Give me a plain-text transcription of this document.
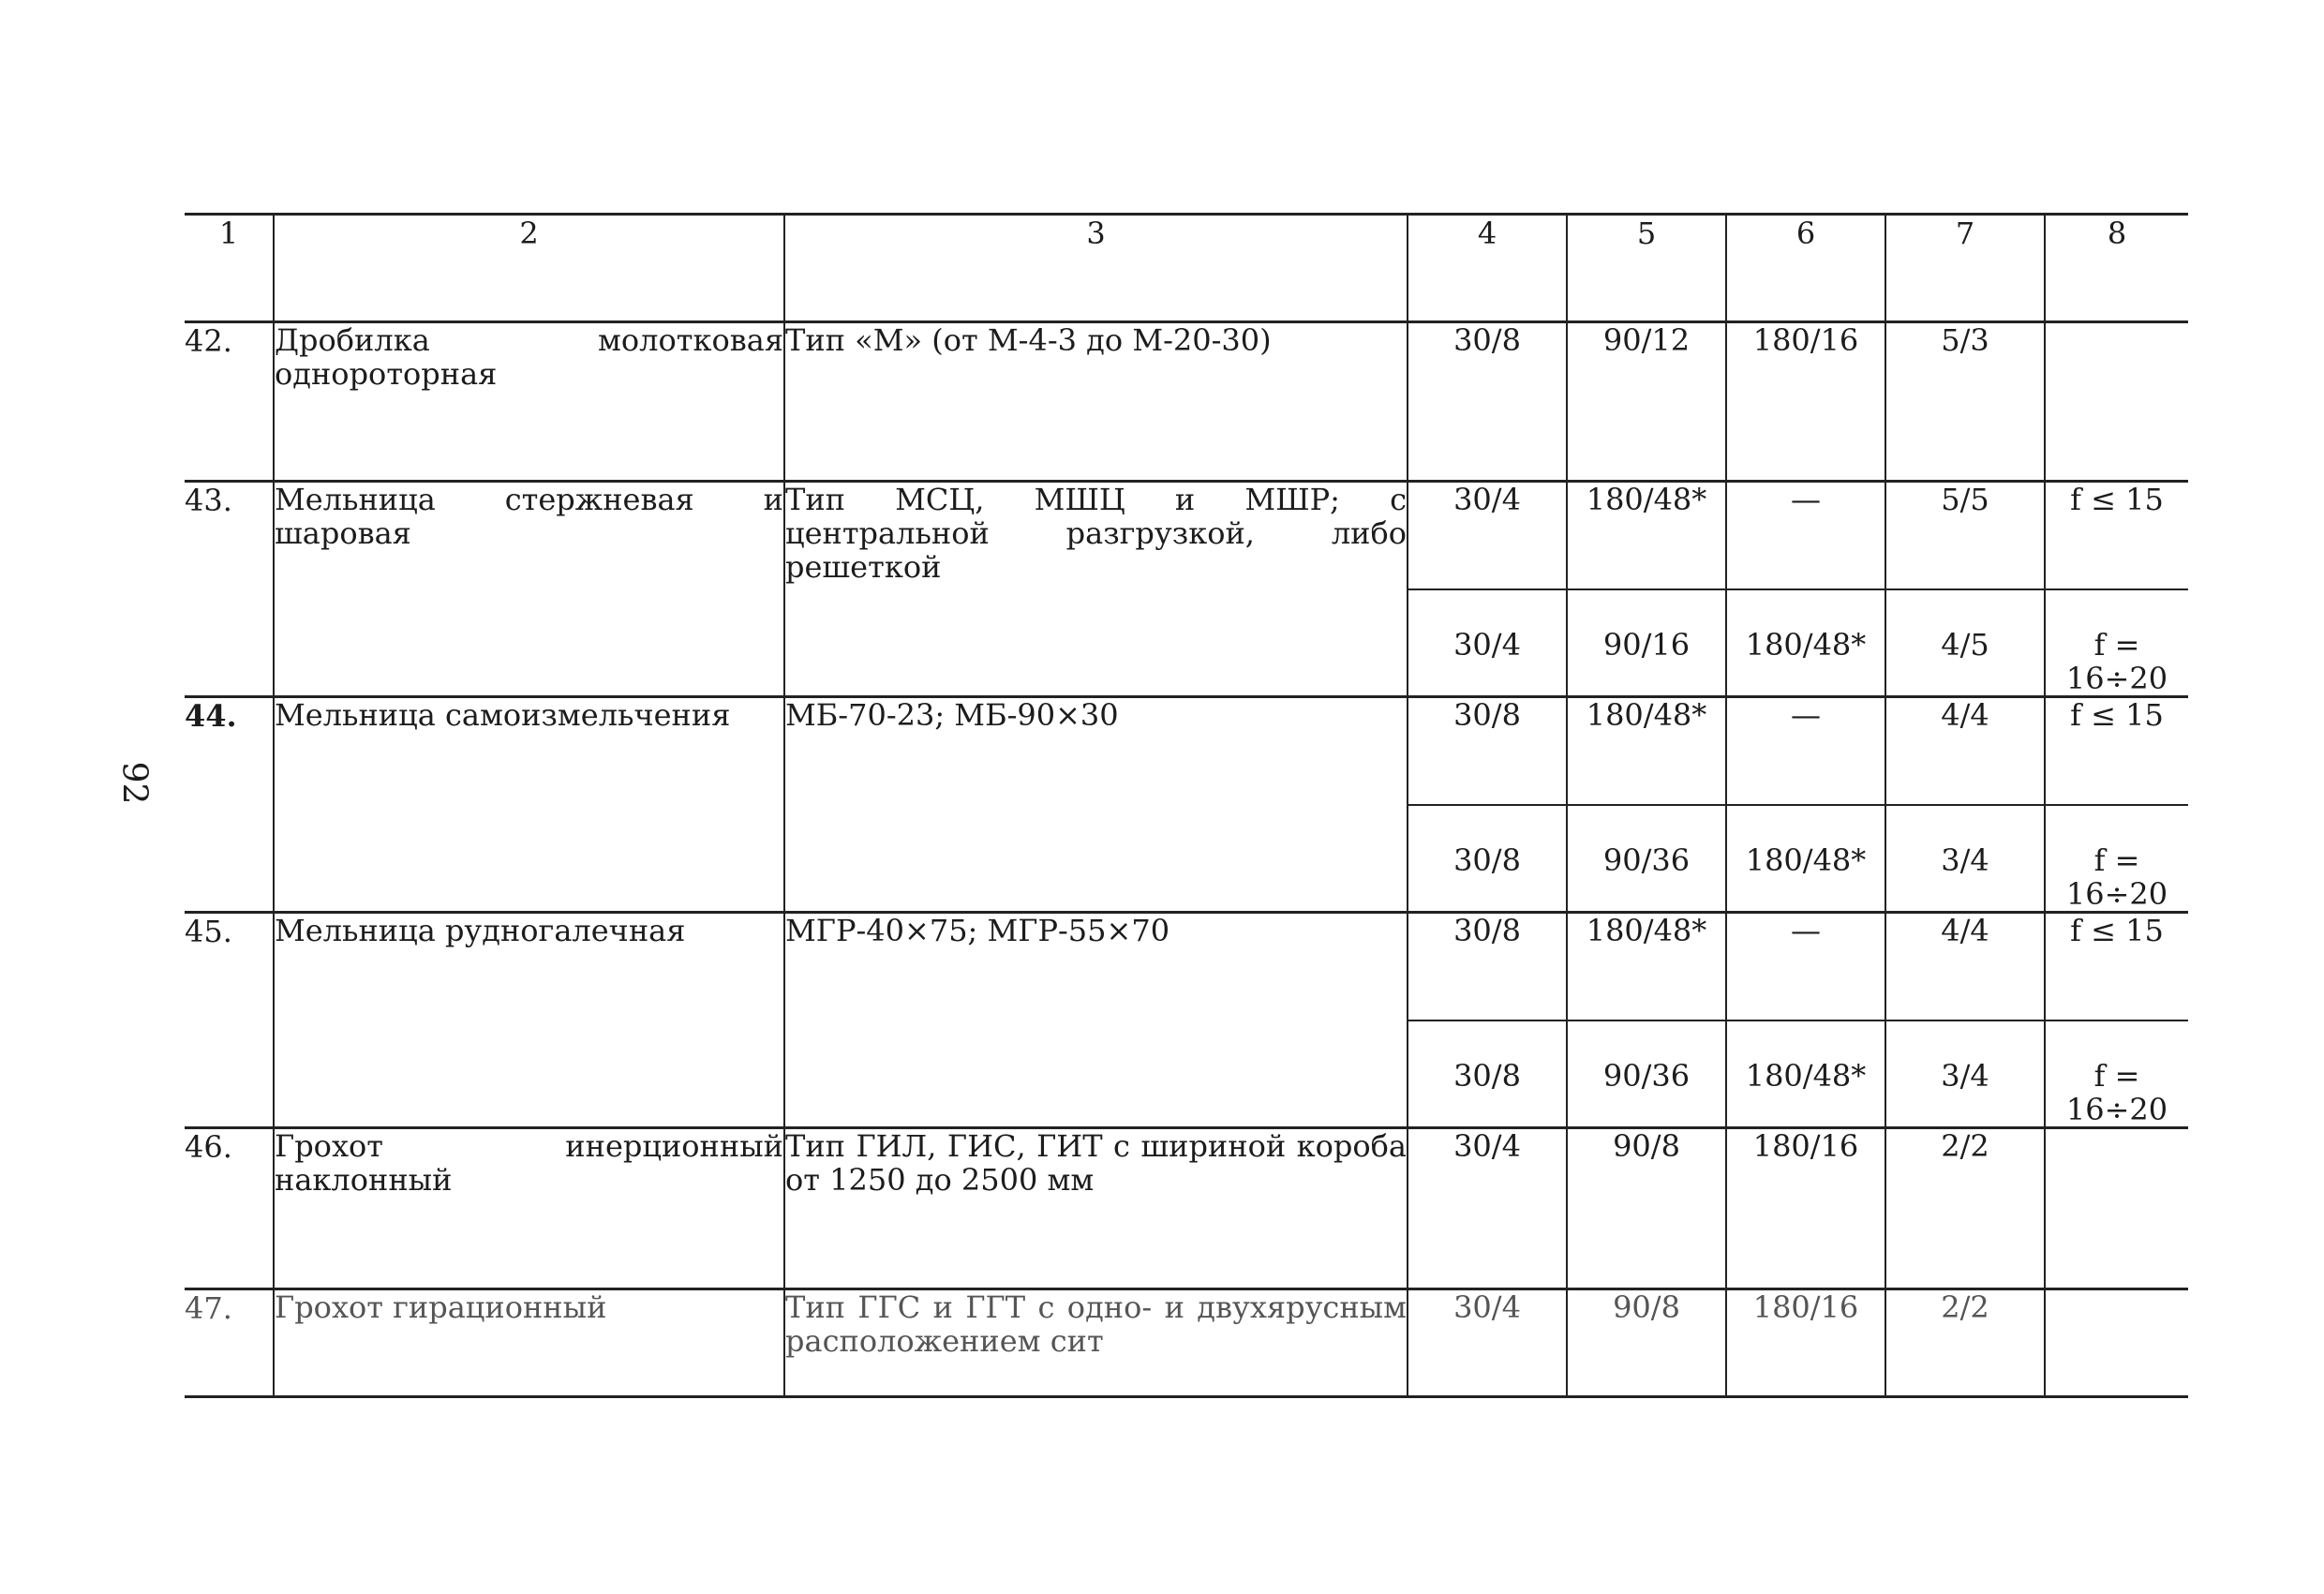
92
1	2	3	4	5	6	7	8
42.	Дробилка молотковая однороторная	Тип «М» (от М-4-3 до М-20-30)	30/8	90/12	180/16	5/3	
43.	Мельница стержневая и шаровая	Тип МСЦ, МШЦ и МШР; с центральной разгрузкой, либо решеткой	30/4	180/48*	—	5/5	f ≤ 15
			30/4	90/16	180/48*	4/5	f = 16÷20
44.	Мельница самоизмельчения	МБ-70-23; МБ-90×30	30/8	180/48*	—	4/4	f ≤ 15
			30/8	90/36	180/48*	3/4	f = 16÷20
45.	Мельница рудногалечная	МГР-40×75; МГР-55×70	30/8	180/48*	—	4/4	f ≤ 15
			30/8	90/36	180/48*	3/4	f = 16÷20
46.	Грохот инерционный наклонный	Тип ГИЛ, ГИС, ГИТ с шириной короба от 1250 до 2500 мм	30/4	90/8	180/16	2/2	
47.	Грохот гирационный	Тип ГГС и ГГТ с одно- и двухярусным расположением сит	30/4	90/8	180/16	2/2	
